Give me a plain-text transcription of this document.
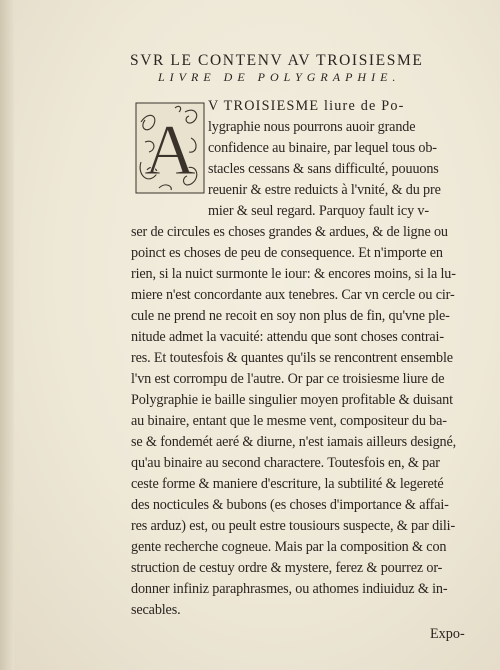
SVR LE CONTENV AV TROISIESME
LIVRE DE POLYGRAPHIE.
A
V TROISIESME liure de Po-
lygraphie nous pourrons auoir grande
confidence au binaire, par lequel tous ob-
stacles cessans & sans difficulté, pouuons
reuenir & estre reduicts à l'vnité, & du pre
mier & seul regard. Parquoy fault icy v-
ser de circules es choses grandes & ardues, & de ligne ou
poinct es choses de peu de consequence. Et n'importe en
rien, si la nuict surmonte le iour: & encores moins, si la lu-
miere n'est concordante aux tenebres. Car vn cercle ou cir-
cule ne prend ne recoit en soy non plus de fin, qu'vne ple-
nitude admet la vacuité: attendu que sont choses contrai-
res. Et toutesfois & quantes qu'ils se rencontrent ensemble
l'vn est corrompu de l'autre. Or par ce troisiesme liure de
Polygraphie ie baille singulier moyen profitable & duisant
au binaire, entant que le mesme vent, compositeur du ba-
se & fondemét aeré & diurne, n'est iamais ailleurs designé,
qu'au binaire au second charactere. Toutesfois en, & par
ceste forme & maniere d'escriture, la subtilité & legereté
des nocticules & bubons (es choses d'importance & affai-
res arduz) est, ou peult estre tousiours suspecte, & par dili-
gente recherche cogneue. Mais par la composition & con
struction de cestuy ordre & mystere, ferez & pourrez or-
donner infiniz paraphrasmes, ou athomes indiuiduz & in-
secables.
Expo-
